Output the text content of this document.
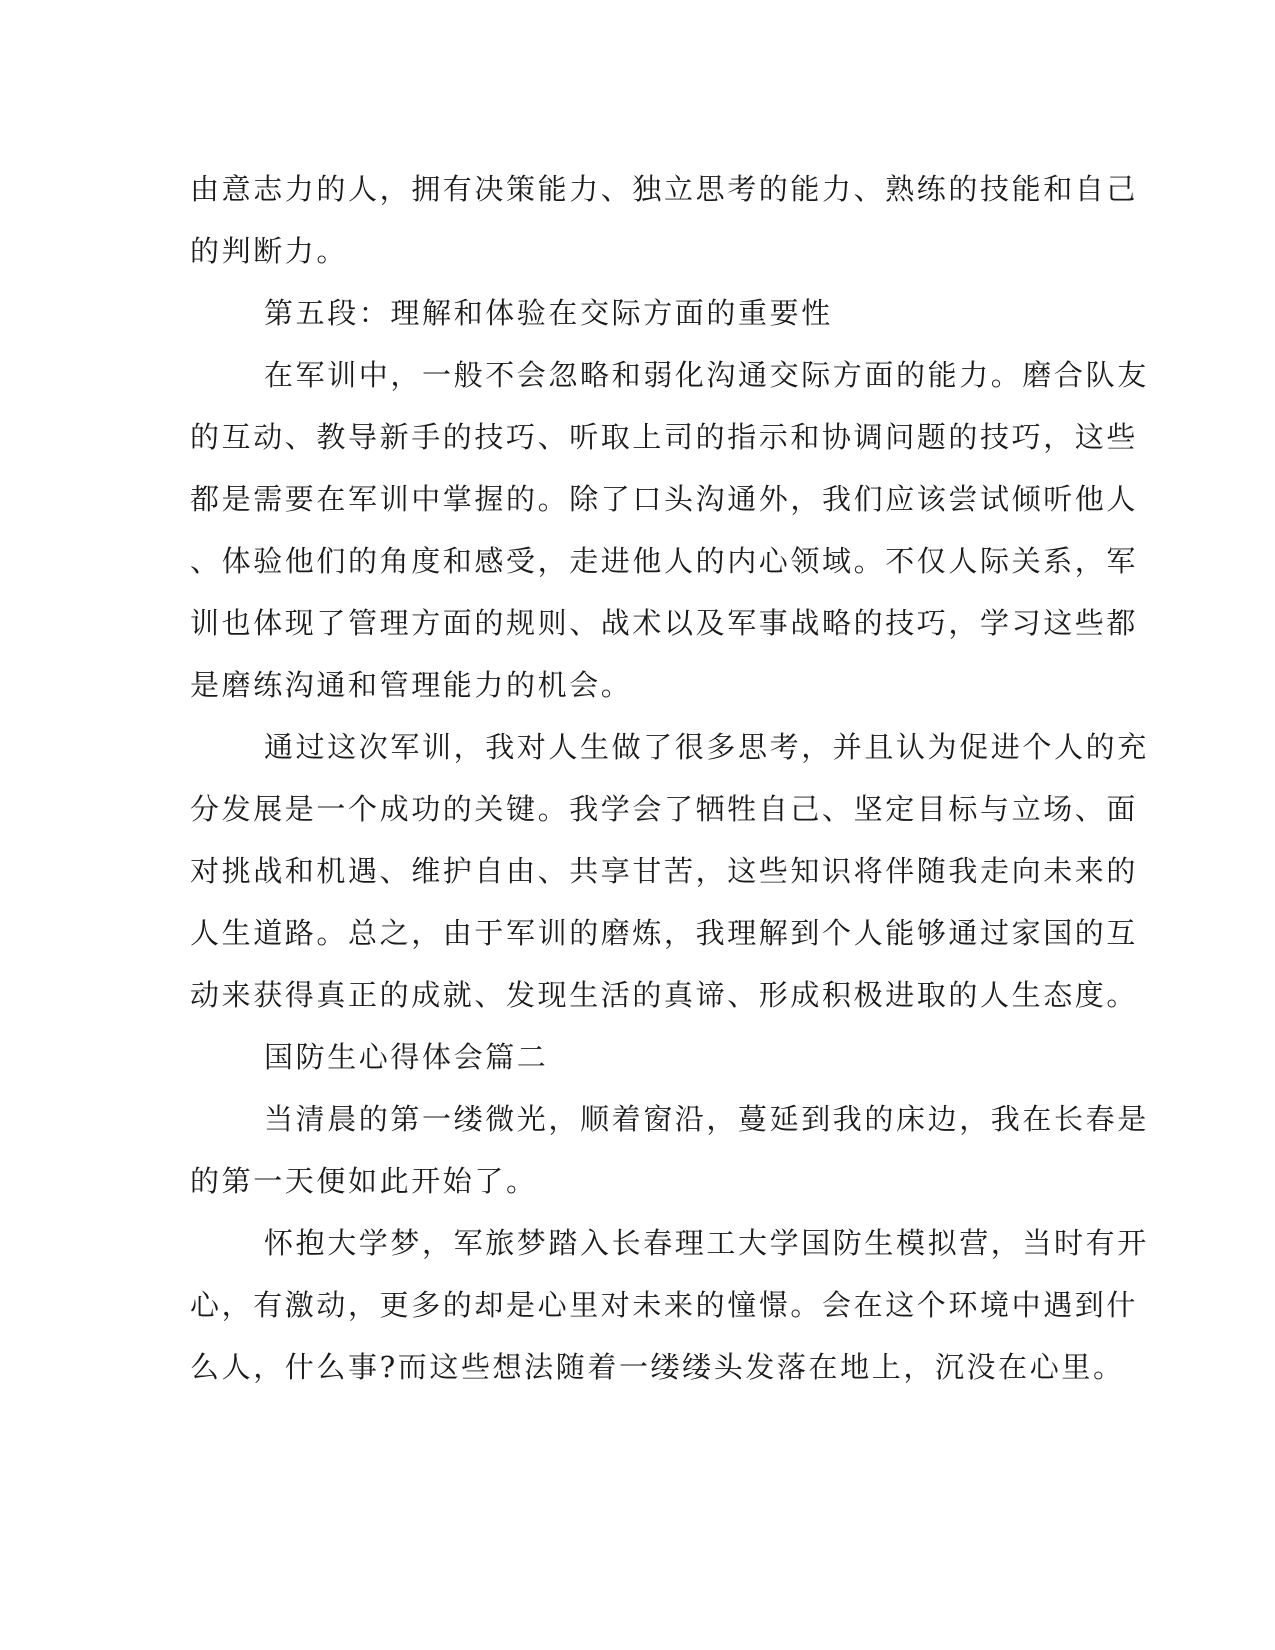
由意志力的人，拥有决策能力、独立思考的能力、熟练的技能和自己
的判断力。
第五段：理解和体验在交际方面的重要性
在军训中，一般不会忽略和弱化沟通交际方面的能力。磨合队友
的互动、教导新手的技巧、听取上司的指示和协调问题的技巧，这些
都是需要在军训中掌握的。除了口头沟通外，我们应该尝试倾听他人
、体验他们的角度和感受，走进他人的内心领域。不仅人际关系，军
训也体现了管理方面的规则、战术以及军事战略的技巧，学习这些都
是磨练沟通和管理能力的机会。
通过这次军训，我对人生做了很多思考，并且认为促进个人的充
分发展是一个成功的关键。我学会了牺牲自己、坚定目标与立场、面
对挑战和机遇、维护自由、共享甘苦，这些知识将伴随我走向未来的
人生道路。总之，由于军训的磨炼，我理解到个人能够通过家国的互
动来获得真正的成就、发现生活的真谛、形成积极进取的人生态度。
国防生心得体会篇二
当清晨的第一缕微光，顺着窗沿，蔓延到我的床边，我在长春是
的第一天便如此开始了。
怀抱大学梦，军旅梦踏入长春理工大学国防生模拟营，当时有开
心，有激动，更多的却是心里对未来的憧憬。会在这个环境中遇到什
么人，什么事?而这些想法随着一缕缕头发落在地上，沉没在心里。
